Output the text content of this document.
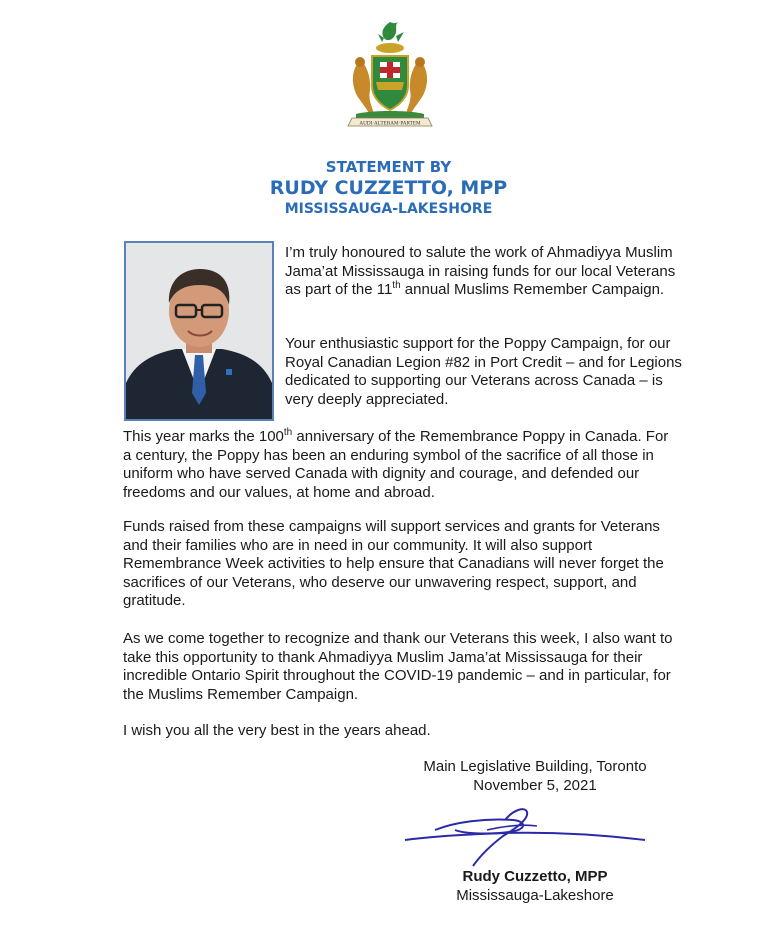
AUDI·ALTERAM·PARTEM
STATEMENT BY
RUDY CUZZETTO, MPP
MISSISSAUGA-LAKESHORE

I’m truly honoured to salute the work of Ahmadiyya Muslim Jama’at Mississauga in raising funds for our local Veterans as part of the 11th annual Muslims Remember Campaign.

Your enthusiastic support for the Poppy Campaign, for our Royal Canadian Legion #82 in Port Credit – and for Legions dedicated to supporting our Veterans across Canada – is very deeply appreciated.

This year marks the 100th anniversary of the Remembrance Poppy in Canada. For a century, the Poppy has been an enduring symbol of the sacrifice of all those in uniform who have served Canada with dignity and courage, and defended our freedoms and our values, at home and abroad.

Funds raised from these campaigns will support services and grants for Veterans and their families who are in need in our community. It will also support Remembrance Week activities to help ensure that Canadians will never forget the sacrifices of our Veterans, who deserve our unwavering respect, support, and gratitude.

As we come together to recognize and thank our Veterans this week, I also want to take this opportunity to thank Ahmadiyya Muslim Jama’at Mississauga for their incredible Ontario Spirit throughout the COVID-19 pandemic – and in particular, for the Muslims Remember Campaign.

I wish you all the very best in the years ahead.

Main Legislative Building, Toronto
November 5, 2021
Rudy Cuzzetto, MPP
Mississauga-Lakeshore
